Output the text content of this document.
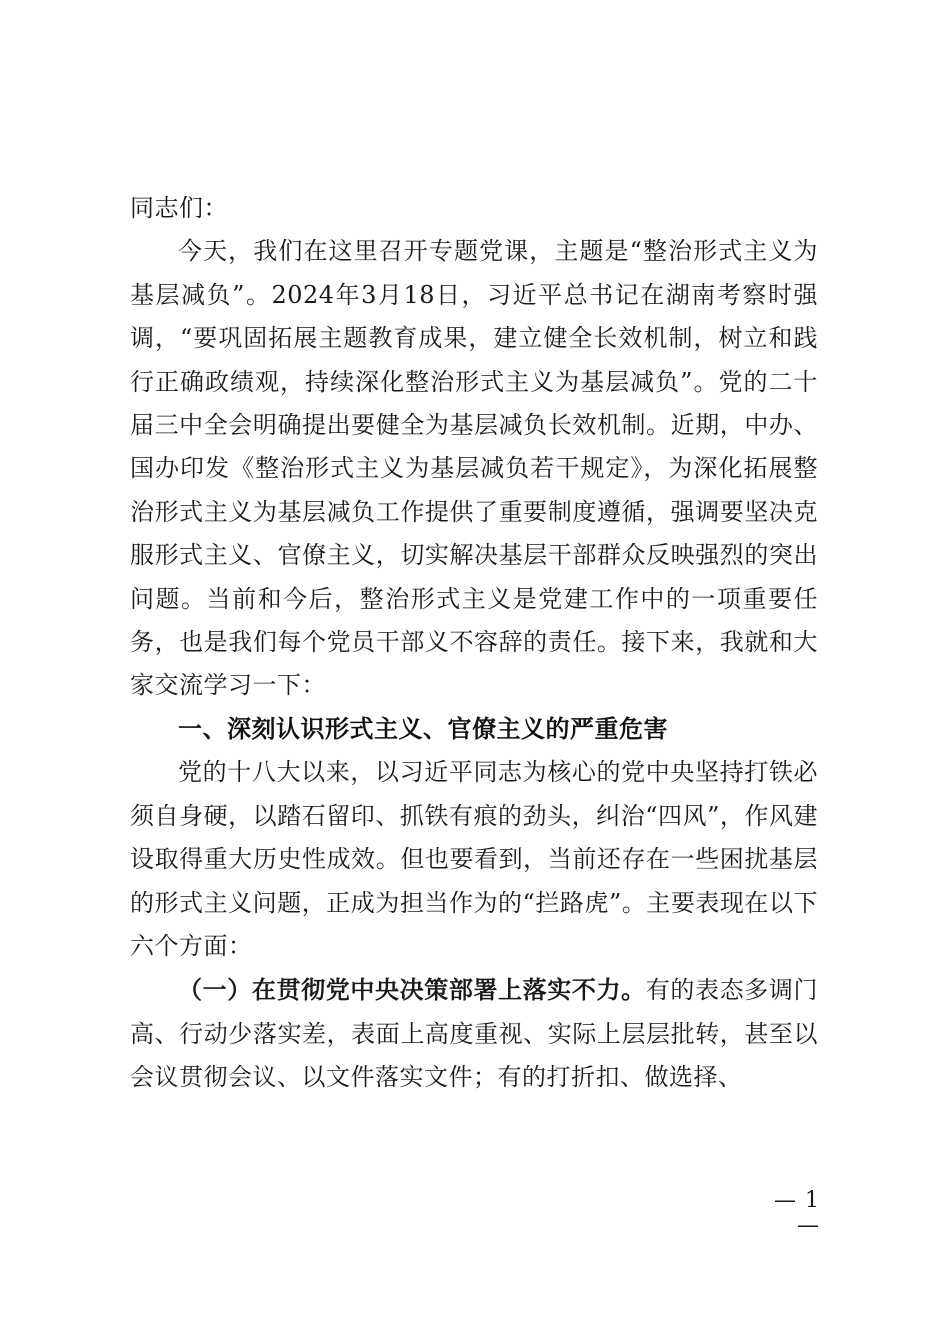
同志们：

今天，我们在这里召开专题党课，主题是“整治形式主义为基层减负”。2024年3月18日，习近平总书记在湖南考察时强调，“要巩固拓展主题教育成果，建立健全长效机制，树立和践行正确政绩观，持续深化整治形式主义为基层减负”。党的二十届三中全会明确提出要健全为基层减负长效机制。近期，中办、国办印发《整治形式主义为基层减负若干规定》，为深化拓展整治形式主义为基层减负工作提供了重要制度遵循，强调要坚决克服形式主义、官僚主义，切实解决基层干部群众反映强烈的突出问题。当前和今后，整治形式主义是党建工作中的一项重要任务，也是我们每个党员干部义不容辞的责任。接下来，我就和大家交流学习一下：

一、深刻认识形式主义、官僚主义的严重危害

党的十八大以来，以习近平同志为核心的党中央坚持打铁必须自身硬，以踏石留印、抓铁有痕的劲头，纠治“四风”，作风建设取得重大历史性成效。但也要看到，当前还存在一些困扰基层的形式主义问题，正成为担当作为的“拦路虎”。主要表现在以下六个方面：

（一）在贯彻党中央决策部署上落实不力。有的表态多调门高、行动少落实差，表面上高度重视、实际上层层批转，甚至以会议贯彻会议、以文件落实文件；有的打折扣、做选择、

— 1 —
